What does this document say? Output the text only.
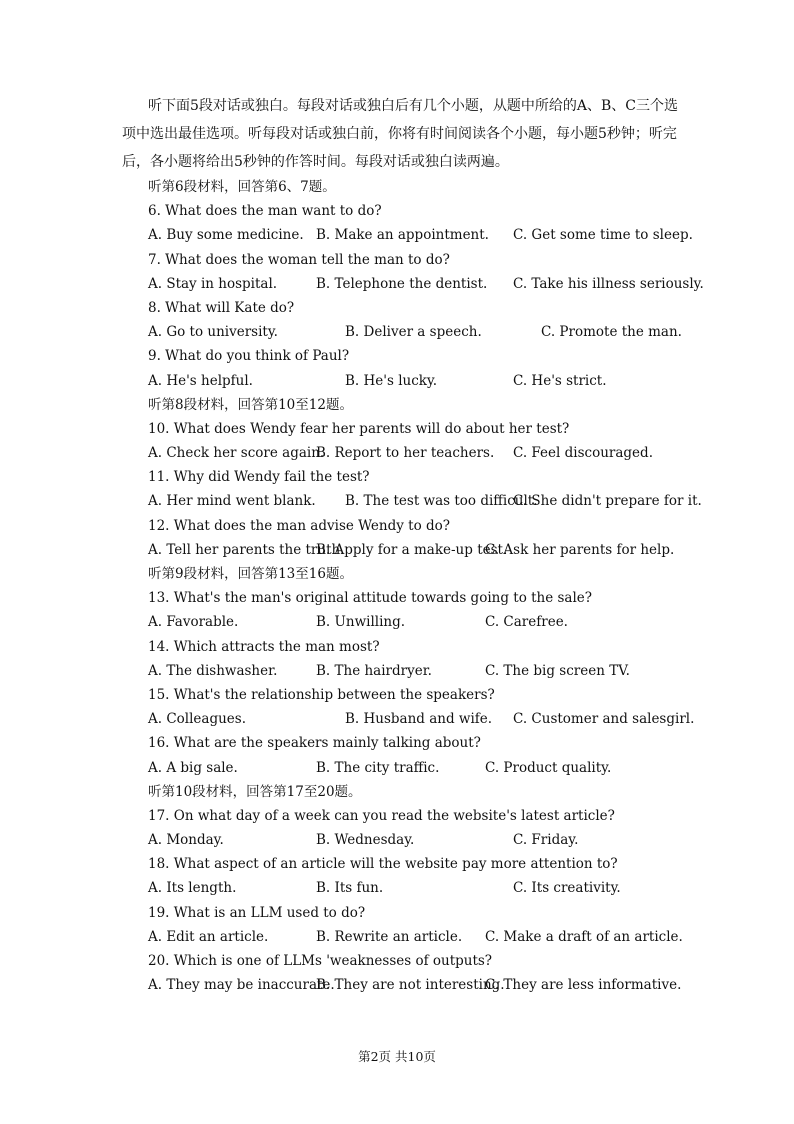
听下面5段对话或独白。每段对话或独白后有几个小题，从题中所给的A、B、C三个选项中选出最佳选项。听每段对话或独白前，你将有时间阅读各个小题，每小题5秒钟；听完后，各小题将给出5秒钟的作答时间。每段对话或独白读两遍。

听第6段材料，回答第6、7题。
6. What does the man want to do?
A. Buy some medicine. B. Make an appointment. C. Get some time to sleep.
7. What does the woman tell the man to do?
A. Stay in hospital.	B. Telephone the dentist. C. Take his illness seriously.
8. What will Kate do?
A. Go to university.	B. Deliver a speech.	C. Promote the man.
9. What do you think of Paul?
A. He's helpful.	B. He's lucky.	C. He's strict.
听第8段材料，回答第10至12题。
10. What does Wendy fear her parents will do about her test?
A. Check her score again.
B. Report to her teachers. C. Feel discouraged.
11. Why did Wendy fail the test?
A. Her mind went blank. B. The test was too difficult.
C. She didn't prepare for it.
12. What does the man advise Wendy to do?
A. Tell her parents the truth.
B. Apply for a make-up test.
C. Ask her parents for help.
听第9段材料，回答第13至16题。
13. What's the man's original attitude towards going to the sale?
A. Favorable.	B. Unwilling.	C. Carefree.
14. Which attracts the man most?
A. The dishwasher.	B. The hairdryer.	C. The big screen TV.
15. What's the relationship between the speakers?
A. Colleagues.	B. Husband and wife. C. Customer and salesgirl.
16. What are the speakers mainly talking about?
A. A big sale.	B. The city traffic.	C. Product quality.
听第10段材料，回答第17至20题。
17. On what day of a week can you read the website's latest article?
A. Monday.	B. Wednesday.	C. Friday.
18. What aspect of an article will the website pay more attention to?
A. Its length.	B. Its fun.	C. Its creativity.
19. What is an LLM used to do?
A. Edit an article.	B. Rewrite an article. C. Make a draft of an article.
20. Which is one of LLMs 'weaknesses of outputs?
A. They may be inaccurate.
B. They are not interesting.
C. They are less informative.
第2页 共10页
